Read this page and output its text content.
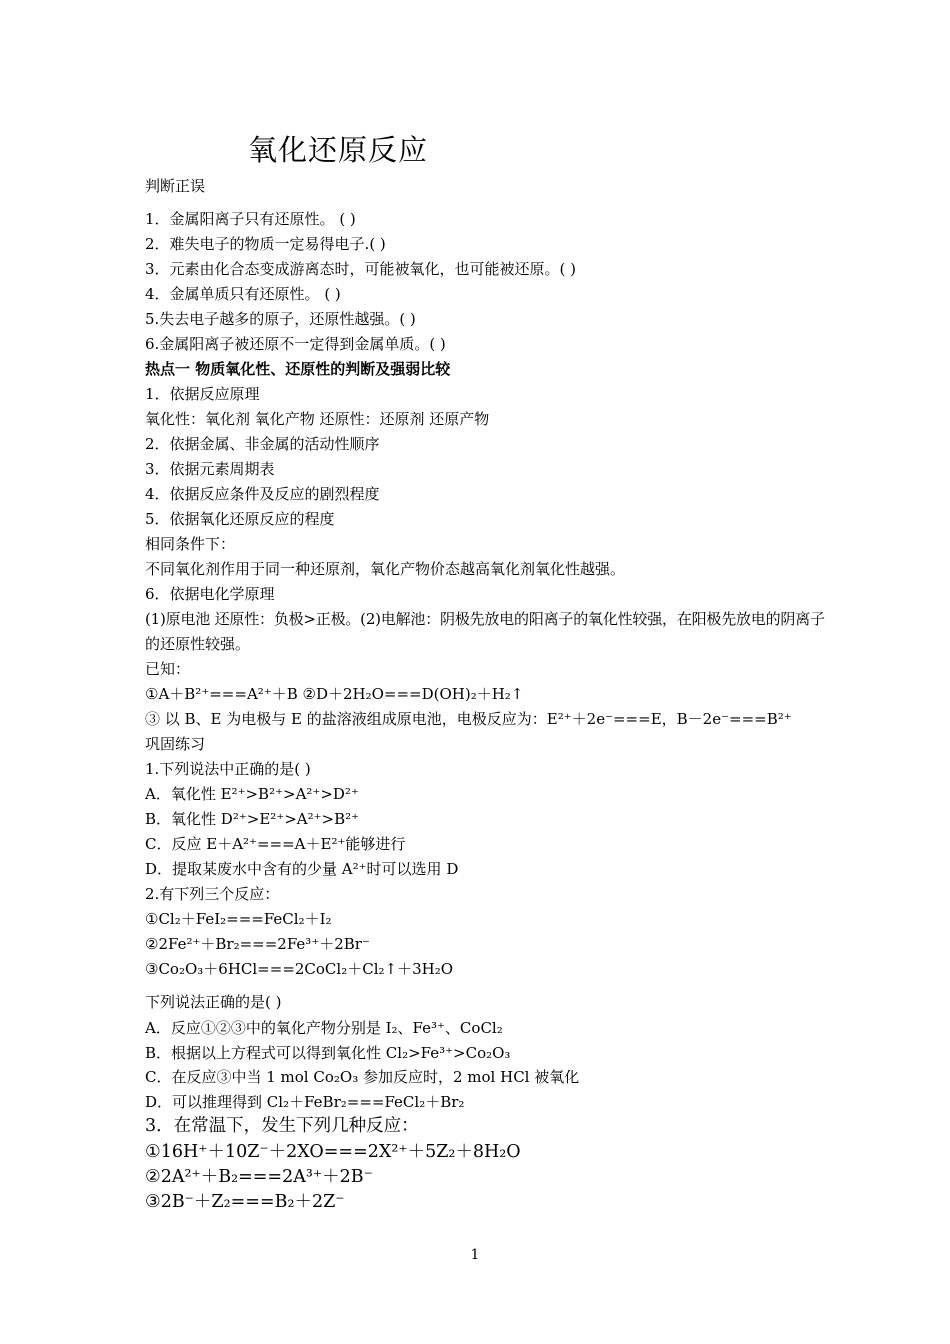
氧化还原反应
判断正误
1．金属阳离子只有还原性。 ( )
2．难失电子的物质一定易得电子.( )
3．元素由化合态变成游离态时，可能被氧化，也可能被还原。( )
4．金属单质只有还原性。 ( )
5.失去电子越多的原子，还原性越强。( )
6.金属阳离子被还原不一定得到金属单质。( )
热点一 物质氧化性、还原性的判断及强弱比较
1．依据反应原理
氧化性：氧化剂 氧化产物 还原性：还原剂 还原产物
2．依据金属、非金属的活动性顺序
3．依据元素周期表
4．依据反应条件及反应的剧烈程度
5．依据氧化还原反应的程度
相同条件下：
不同氧化剂作用于同一种还原剂，氧化产物价态越高氧化剂氧化性越强。
6．依据电化学原理
(1)原电池 还原性：负极>正极。(2)电解池：阴极先放电的阳离子的氧化性较强，在阳极先放电的阴离子
的还原性较强。
已知：
①A＋B²⁺===A²⁺＋B ②D＋2H₂O===D(OH)₂＋H₂↑
③ 以 B、E 为电极与 E 的盐溶液组成原电池，电极反应为：E²⁺＋2e⁻===E，B－2e⁻===B²⁺
巩固练习
1.下列说法中正确的是( )
A．氧化性 E²⁺>B²⁺>A²⁺>D²⁺
B．氧化性 D²⁺>E²⁺>A²⁺>B²⁺
C．反应 E＋A²⁺===A＋E²⁺能够进行
D．提取某废水中含有的少量 A²⁺时可以选用 D
2.有下列三个反应：
①Cl₂＋FeI₂===FeCl₂＋I₂
②2Fe²⁺＋Br₂===2Fe³⁺＋2Br⁻
③Co₂O₃＋6HCl===2CoCl₂＋Cl₂↑＋3H₂O
下列说法正确的是( )
A．反应①②③中的氧化产物分别是 I₂、Fe³⁺、CoCl₂
B．根据以上方程式可以得到氧化性 Cl₂>Fe³⁺>Co₂O₃
C．在反应③中当 1 mol Co₂O₃ 参加反应时，2 mol HCl 被氧化
D．可以推理得到 Cl₂＋FeBr₂===FeCl₂＋Br₂
3．在常温下，发生下列几种反应：
①16H⁺＋10Z⁻＋2XO===2X²⁺＋5Z₂＋8H₂O
②2A²⁺＋B₂===2A³⁺＋2B⁻
③2B⁻＋Z₂===B₂＋2Z⁻
1
